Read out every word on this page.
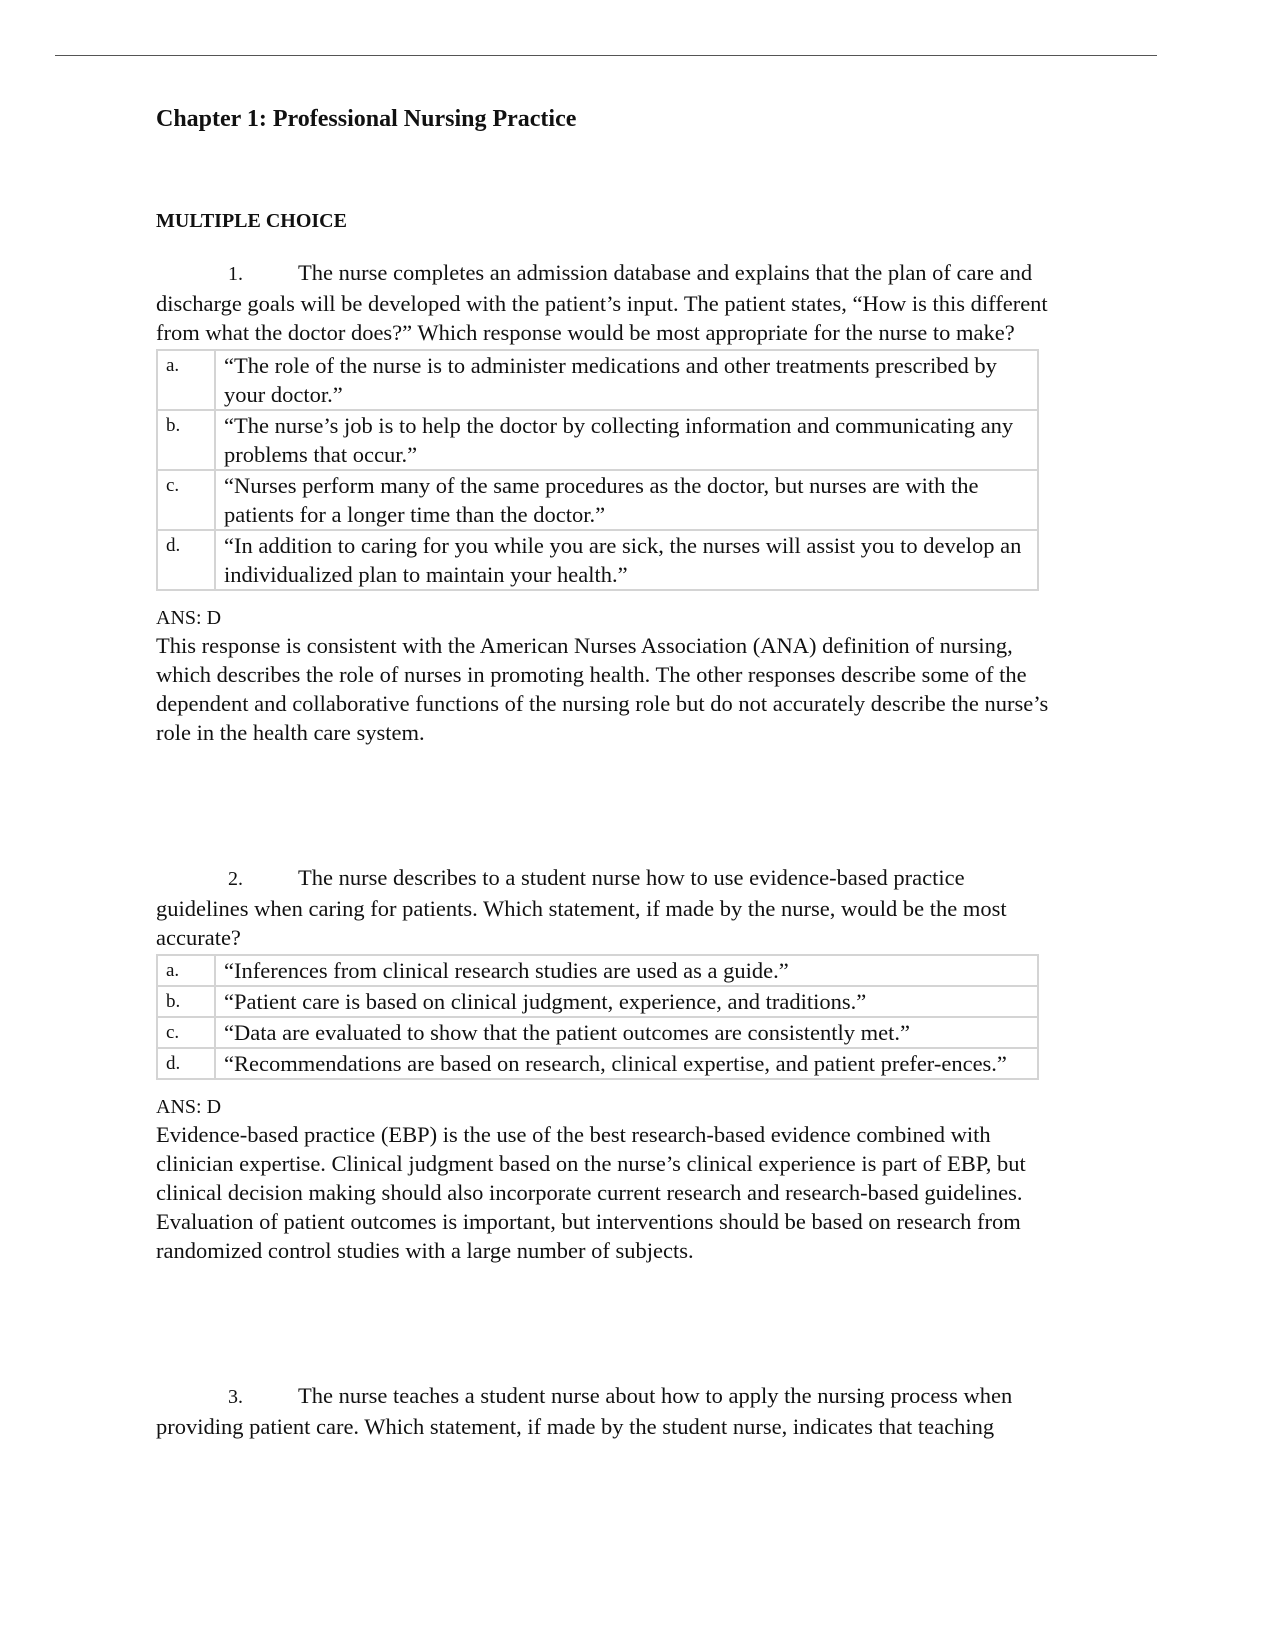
Chapter 1: Professional Nursing Practice
MULTIPLE CHOICE

1. The nurse completes an admission database and explains that the plan of care and discharge goals will be developed with the patient’s input. The patient states, “How is this different from what the doctor does?” Which response would be most appropriate for the nurse to make?

a.	“The role of the nurse is to administer medications and other treatments prescribed by your doctor.”
b.	“The nurse’s job is to help the doctor by collecting information and communicating any problems that occur.”
c.	“Nurses perform many of the same procedures as the doctor, but nurses are with the patients for a longer time than the doctor.”
d.	“In addition to caring for you while you are sick, the nurses will assist you to develop an individualized plan to maintain your health.”
ANS: D

This response is consistent with the American Nurses Association (ANA) definition of nursing, which describes the role of nurses in promoting health. The other responses describe some of the dependent and collaborative functions of the nursing role but do not accurately describe the nurse’s role in the health care system.

2. The nurse describes to a student nurse how to use evidence-based practice guidelines when caring for patients. Which statement, if made by the nurse, would be the most accurate?

a.	“Inferences from clinical research studies are used as a guide.”
b.	“Patient care is based on clinical judgment, experience, and traditions.”
c.	“Data are evaluated to show that the patient outcomes are consistently met.”
d.	“Recommendations are based on research, clinical expertise, and patient prefer-ences.”
ANS: D

Evidence-based practice (EBP) is the use of the best research-based evidence combined with clinician expertise. Clinical judgment based on the nurse’s clinical experience is part of EBP, but clinical decision making should also incorporate current research and research-based guidelines. Evaluation of patient outcomes is important, but interventions should be based on research from randomized control studies with a large number of subjects.

3. The nurse teaches a student nurse about how to apply the nursing process when providing patient care. Which statement, if made by the student nurse, indicates that teaching
